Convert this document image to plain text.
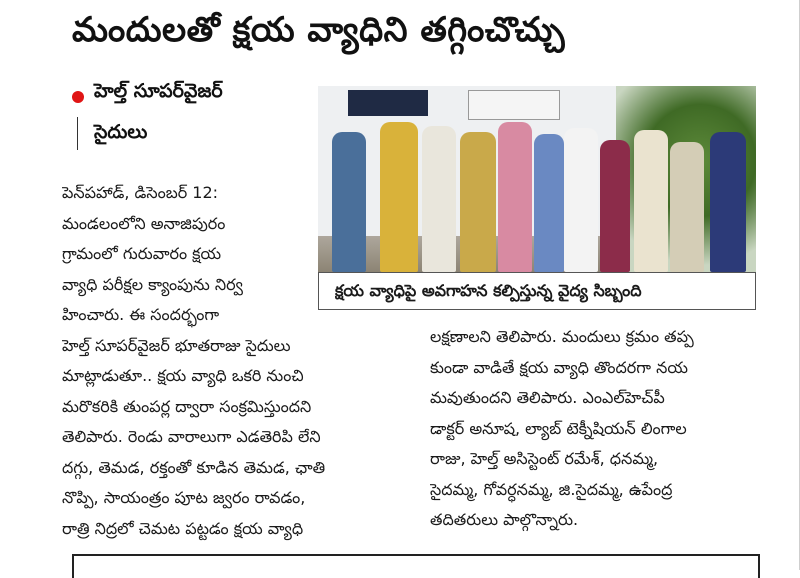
మందులతో క్షయ వ్యాధిని తగ్గించొచ్చు
హెల్త్ సూపర్‌వైజర్
సైదులు
క్షయ వ్యాధిపై అవగాహన కల్పిస్తున్న వైద్య సిబ్బంది
పెన్‌పహాడ్, డిసెంబర్ 12:
మండలంలోని అనాజిపురం
గ్రామంలో గురువారం క్షయ
వ్యాధి పరీక్షల క్యాంపును నిర్వ
హించారు. ఈ సందర్భంగా
హెల్త్ సూపర్‌వైజర్ భూతరాజు సైదులు
మాట్లాడుతూ.. క్షయ వ్యాధి ఒకరి నుంచి
మరొకరికి తుంపర్ల ద్వారా సంక్రమిస్తుందని
తెలిపారు. రెండు వారాలుగా ఎడతెరిపి లేని
దగ్గు, తెమడ, రక్తంతో కూడిన తెమడ, ఛాతి
నొప్పి, సాయంత్రం పూట జ్వరం రావడం,
రాత్రి నిద్రలో చెమట పట్టడం క్షయ వ్యాధి
లక్షణాలని తెలిపారు. మందులు క్రమం తప్ప
కుండా వాడితే క్షయ వ్యాధి తొందరగా నయ
మవుతుందని తెలిపారు. ఎంఎల్‌హెచ్‌పీ
డాక్టర్ అనూష, ల్యాబ్ టెక్నీషియన్ లింగాల
రాజు, హెల్త్ అసిస్టెంట్ రమేశ్, ధనమ్మ,
సైదమ్మ, గోవర్ధనమ్మ, జి.సైదమ్మ, ఉపేంద్ర
తదితరులు పాల్గొన్నారు.
